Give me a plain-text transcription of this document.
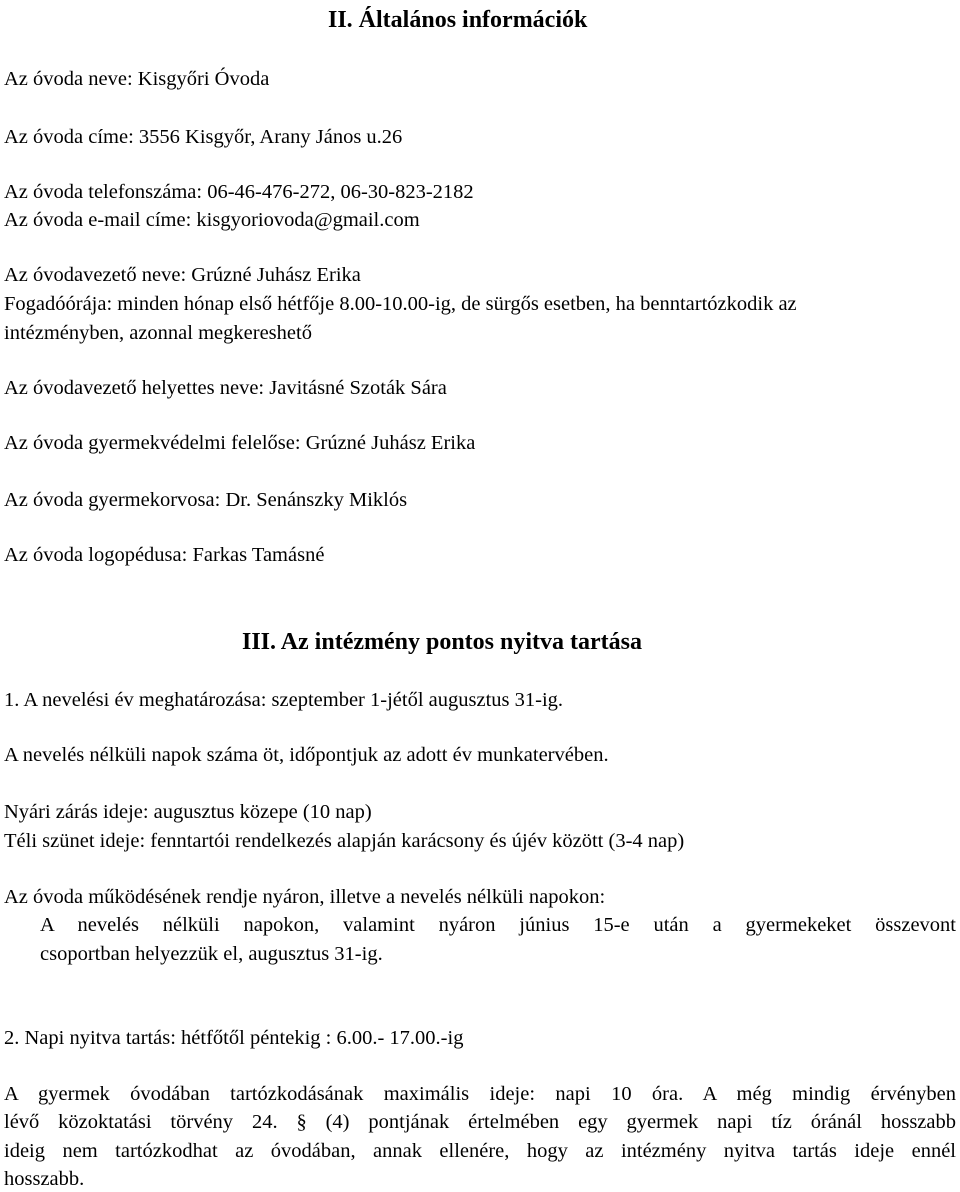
II. Általános információk
Az óvoda neve: Kisgyőri Óvoda
Az óvoda címe: 3556 Kisgyőr, Arany János u.26
Az óvoda telefonszáma: 06-46-476-272, 06-30-823-2182
Az óvoda e-mail címe: kisgyoriovoda@gmail.com
Az óvodavezető neve: Grúzné Juhász Erika
Fogadóórája: minden hónap első hétfője 8.00-10.00-ig, de sürgős esetben, ha benntartózkodik az
intézményben, azonnal megkereshető
Az óvodavezető helyettes neve: Javitásné Szoták Sára
Az óvoda gyermekvédelmi felelőse: Grúzné Juhász Erika
Az óvoda gyermekorvosa: Dr. Senánszky Miklós
Az óvoda logopédusa: Farkas Tamásné
III. Az intézmény pontos nyitva tartása
1. A nevelési év meghatározása: szeptember 1-jétől augusztus 31-ig.
A nevelés nélküli napok száma öt, időpontjuk az adott év munkatervében.
Nyári zárás ideje: augusztus közepe (10 nap)
Téli szünet ideje: fenntartói rendelkezés alapján karácsony és újév között (3-4 nap)
Az óvoda működésének rendje nyáron, illetve a nevelés nélküli napokon:
A nevelés nélküli napokon, valamint nyáron június 15-e után a gyermekeket összevont
csoportban helyezzük el, augusztus 31-ig.
2. Napi nyitva tartás: hétfőtől péntekig : 6.00.- 17.00.-ig
A gyermek óvodában tartózkodásának maximális ideje: napi 10 óra. A még mindig érvényben
lévő közoktatási törvény 24. § (4) pontjának értelmében egy gyermek napi tíz óránál hosszabb
ideig nem tartózkodhat az óvodában, annak ellenére, hogy az intézmény nyitva tartás ideje ennél
hosszabb.
